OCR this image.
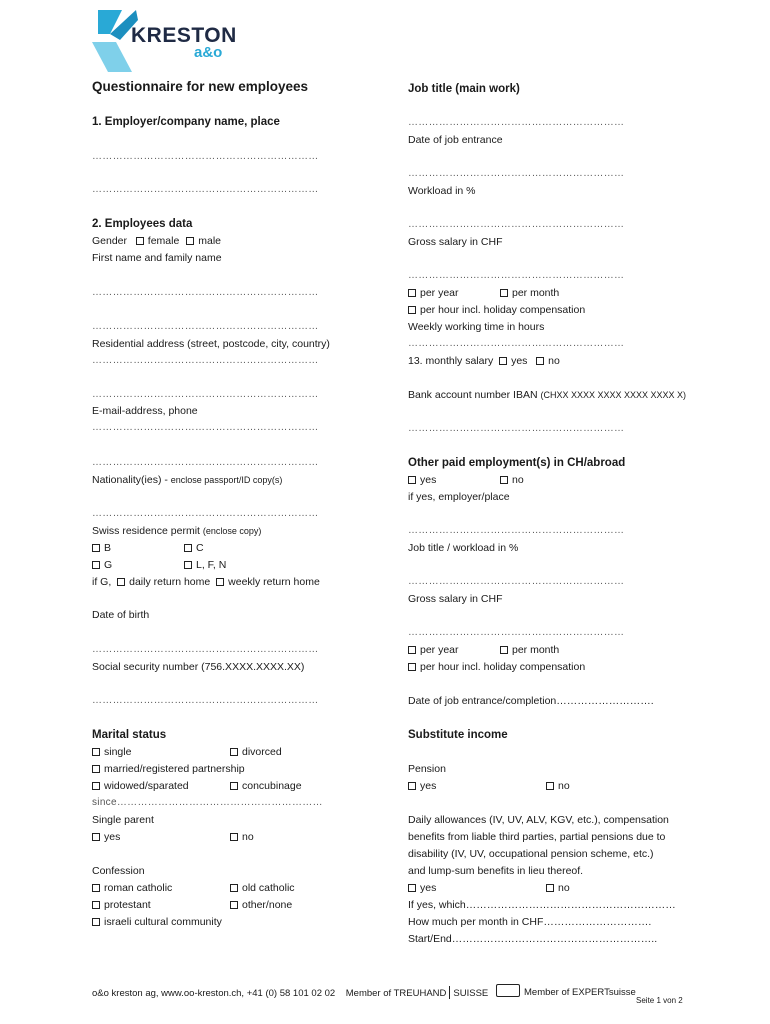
KRESTON
a&o
Questionnaire for new employees
1. Employer/company name, place
…………………………………………………………
…………………………………………………………
2. Employees data
Gender female male
First name and family name
…………………………………………………………
…………………………………………………………
Residential address (street, postcode, city, country)
…………………………………………………………
…………………………………………………………
E-mail-address, phone
…………………………………………………………
…………………………………………………………
Nationality(ies) - enclose passport/ID copy(s)
…………………………………………………………
Swiss residence permit (enclose copy)
B	C
G	L, F, N
if G, daily return home weekly return home
Date of birth
…………………………………………………………
Social security number (756.XXXX.XXXX.XX)
…………………………………………………………
Marital status
single	divorced
married/registered partnership
widowed/sparated	concubinage
since……………………………………………………
Single parent
yes	no
Confession
roman catholic	old catholic
protestant	other/none
israeli cultural community
Job title (main work)
………………………………………………………
Date of job entrance
………………………………………………………
Workload in %
………………………………………………………
Gross salary in CHF
………………………………………………………
per year	per month
per hour incl. holiday compensation
Weekly working time in hours
………………………………………………………
13. monthly salary yes no
Bank account number IBAN (CHXX XXXX XXXX XXXX XXXX X)
………………………………………………………
Other paid employment(s) in CH/abroad
yes	no
if yes, employer/place
………………………………………………………
Job title / workload in %
………………………………………………………
Gross salary in CHF
………………………………………………………
per year	per month
per hour incl. holiday compensation
Date of job entrance/completion……………………….
Substitute income
Pension
yes	no
Daily allowances (IV, UV, ALV, KGV, etc.), compensation
benefits from liable third parties, partial pensions due to
disability (IV, UV, occupational pension scheme, etc.)
and lump-sum benefits in lieu thereof.
yes	no
If yes, which……………………………………………………
How much per month in CHF………………………….
Start/End…………………………………………………..
o&o kreston ag, www.oo-kreston.ch, +41 (0) 58 101 02 02 Member of TREUHAND SUISSE	Member of EXPERTsuisse
Seite 1 von 2
